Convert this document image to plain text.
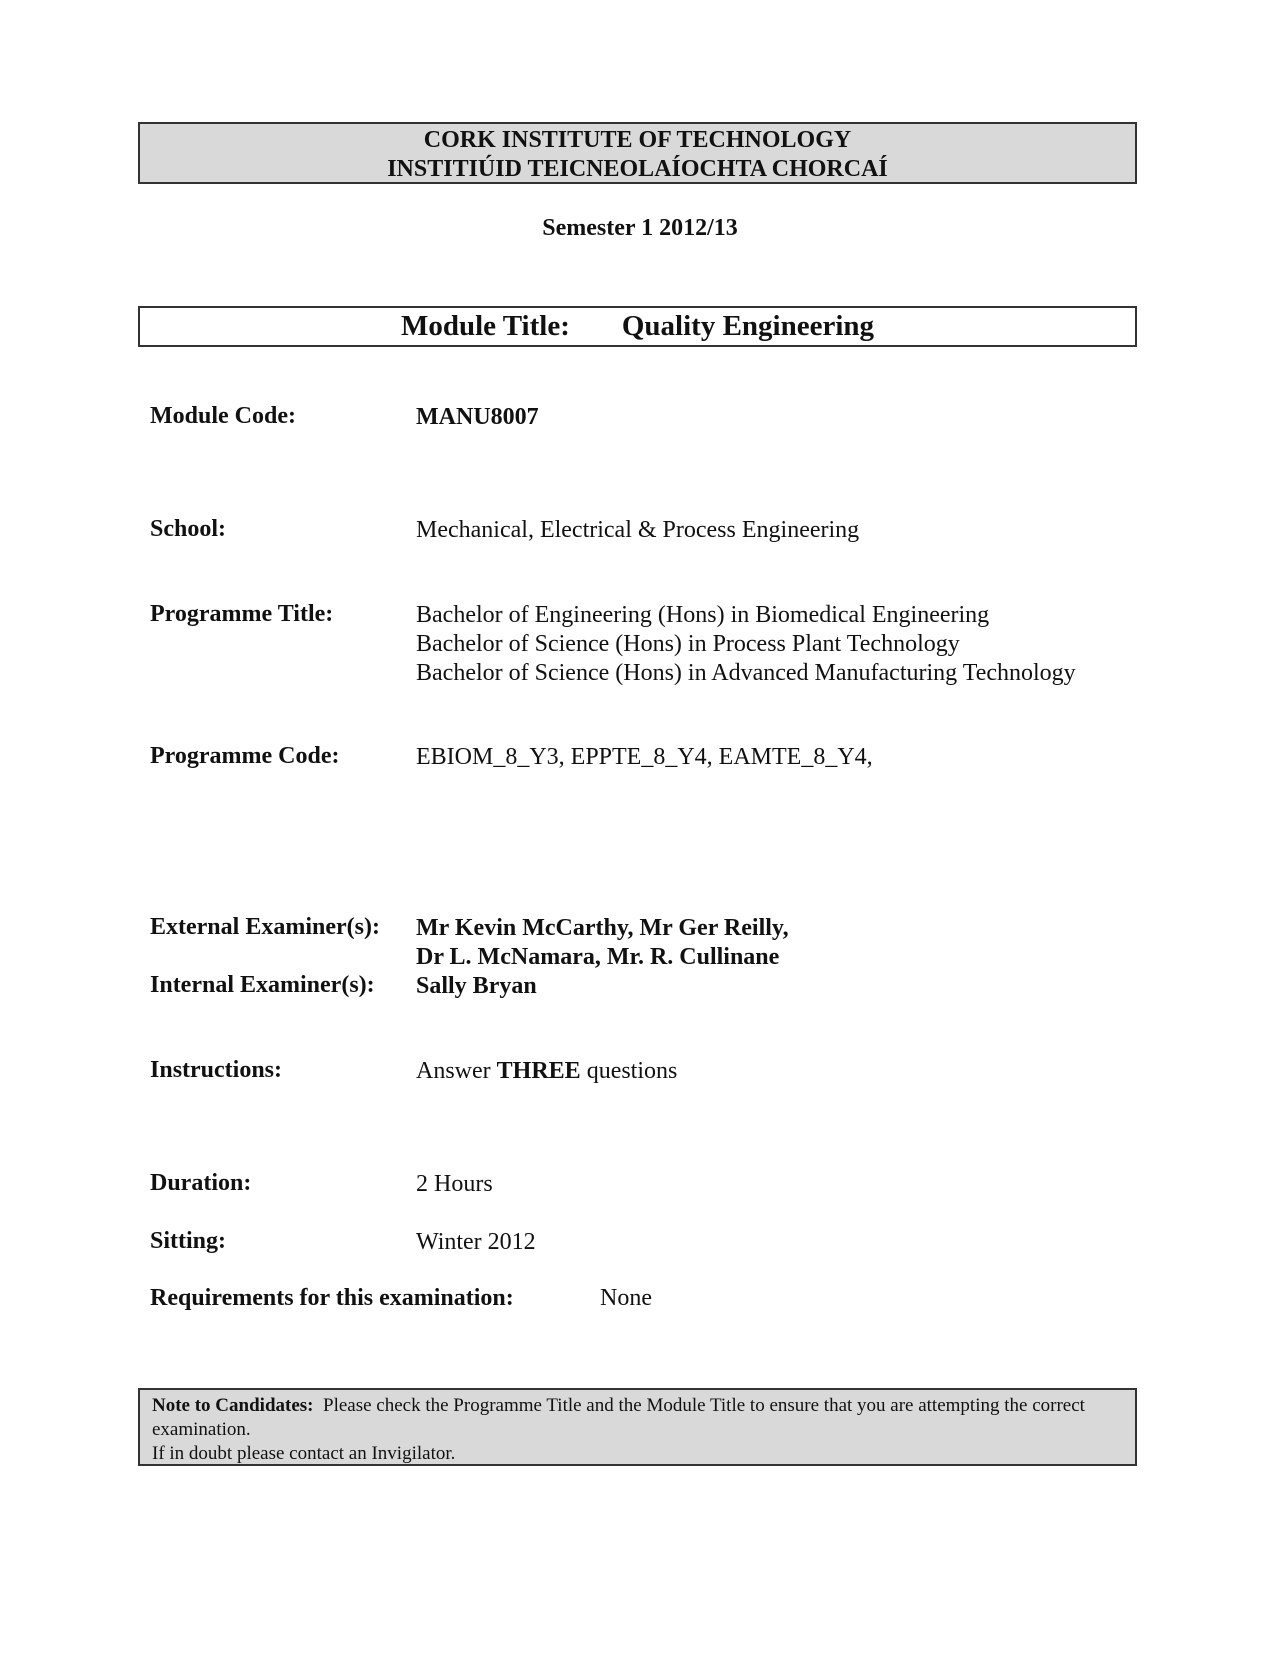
CORK INSTITUTE OF TECHNOLOGY
INSTITIÚID TEICNEOLAÍOCHTA CHORCAÍ
Semester 1 2012/13
Module Title: Quality Engineering
Module Code:	MANU8007
School:	Mechanical, Electrical & Process Engineering
Programme Title:	Bachelor of Engineering (Hons) in Biomedical Engineering
Bachelor of Science (Hons) in Process Plant Technology
Bachelor of Science (Hons) in Advanced Manufacturing Technology
Programme Code:	EBIOM_8_Y3, EPPTE_8_Y4, EAMTE_8_Y4,
External Examiner(s): Mr Kevin McCarthy, Mr Ger Reilly,
Dr L. McNamara, Mr. R. Cullinane
Internal Examiner(s): Sally Bryan
Instructions:	Answer THREE questions
Duration:	2 Hours
Sitting:	Winter 2012
Requirements for this examination:	None
Note to Candidates: Please check the Programme Title and the Module Title to ensure that you are attempting the correct examination.
If in doubt please contact an Invigilator.
